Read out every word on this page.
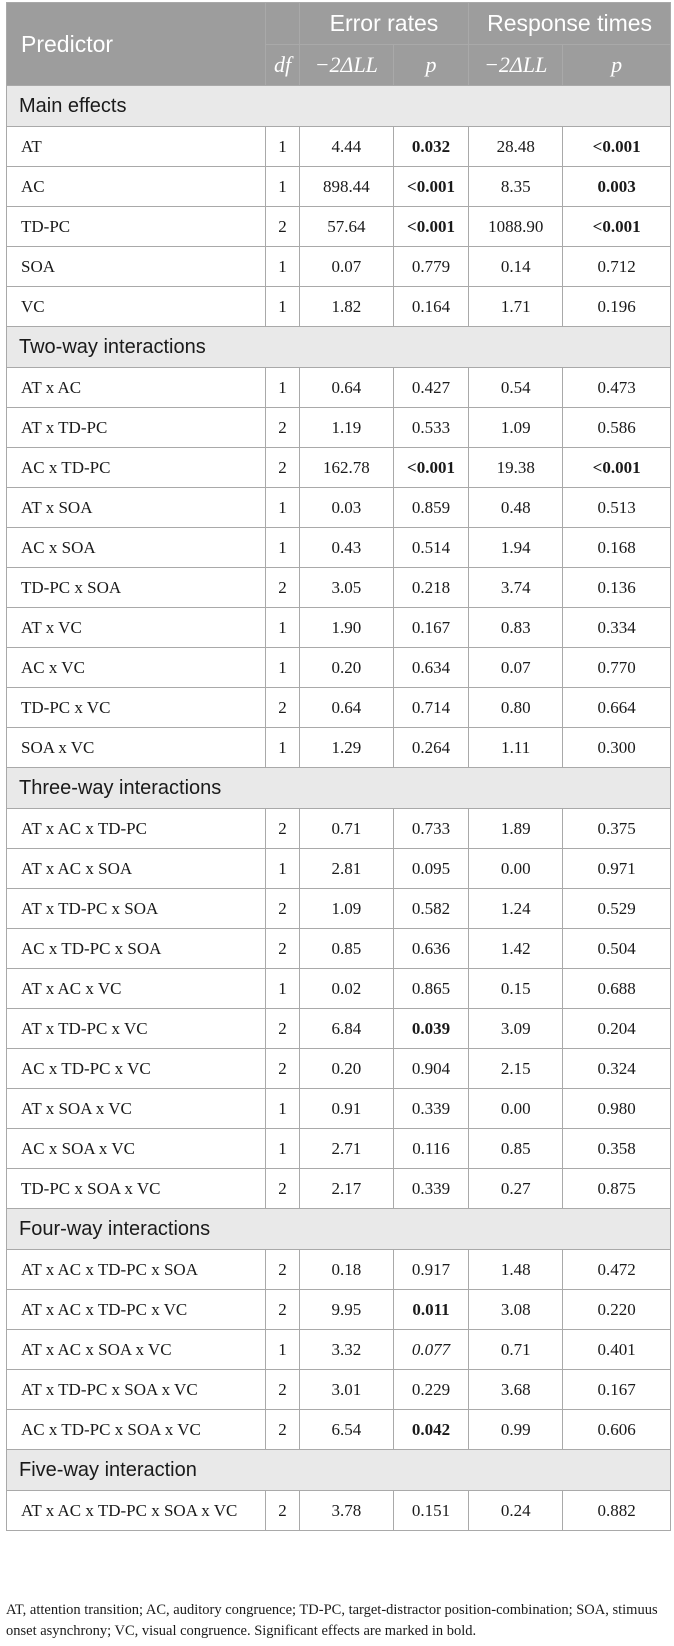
Predictor		Error rates		Response times	
	df	−2ΔLL	p	−2ΔLL	p
Main effects					
AT	1	4.44	0.032	28.48	<0.001
AC	1	898.44	<0.001	8.35	0.003
TD-PC	2	57.64	<0.001	1088.90	<0.001
SOA	1	0.07	0.779	0.14	0.712
VC	1	1.82	0.164	1.71	0.196
Two-way interactions					
AT x AC	1	0.64	0.427	0.54	0.473
AT x TD-PC	2	1.19	0.533	1.09	0.586
AC x TD-PC	2	162.78	<0.001	19.38	<0.001
AT x SOA	1	0.03	0.859	0.48	0.513
AC x SOA	1	0.43	0.514	1.94	0.168
TD-PC x SOA	2	3.05	0.218	3.74	0.136
AT x VC	1	1.90	0.167	0.83	0.334
AC x VC	1	0.20	0.634	0.07	0.770
TD-PC x VC	2	0.64	0.714	0.80	0.664
SOA x VC	1	1.29	0.264	1.11	0.300
Three-way interactions					
AT x AC x TD-PC	2	0.71	0.733	1.89	0.375
AT x AC x SOA	1	2.81	0.095	0.00	0.971
AT x TD-PC x SOA	2	1.09	0.582	1.24	0.529
AC x TD-PC x SOA	2	0.85	0.636	1.42	0.504
AT x AC x VC	1	0.02	0.865	0.15	0.688
AT x TD-PC x VC	2	6.84	0.039	3.09	0.204
AC x TD-PC x VC	2	0.20	0.904	2.15	0.324
AT x SOA x VC	1	0.91	0.339	0.00	0.980
AC x SOA x VC	1	2.71	0.116	0.85	0.358
TD-PC x SOA x VC	2	2.17	0.339	0.27	0.875
Four-way interactions					
AT x AC x TD-PC x SOA	2	0.18	0.917	1.48	0.472
AT x AC x TD-PC x VC	2	9.95	0.011	3.08	0.220
AT x AC x SOA x VC	1	3.32	0.077	0.71	0.401
AT x TD-PC x SOA x VC	2	3.01	0.229	3.68	0.167
AC x TD-PC x SOA x VC	2	6.54	0.042	0.99	0.606
Five-way interaction					
AT x AC x TD-PC x SOA x VC	2	3.78	0.151	0.24	0.882
AT, attention transition; AC, auditory congruence; TD-PC, target-distractor position-combination; SOA, stimuus onset asynchrony; VC, visual congruence. Significant effects are marked in bold.
